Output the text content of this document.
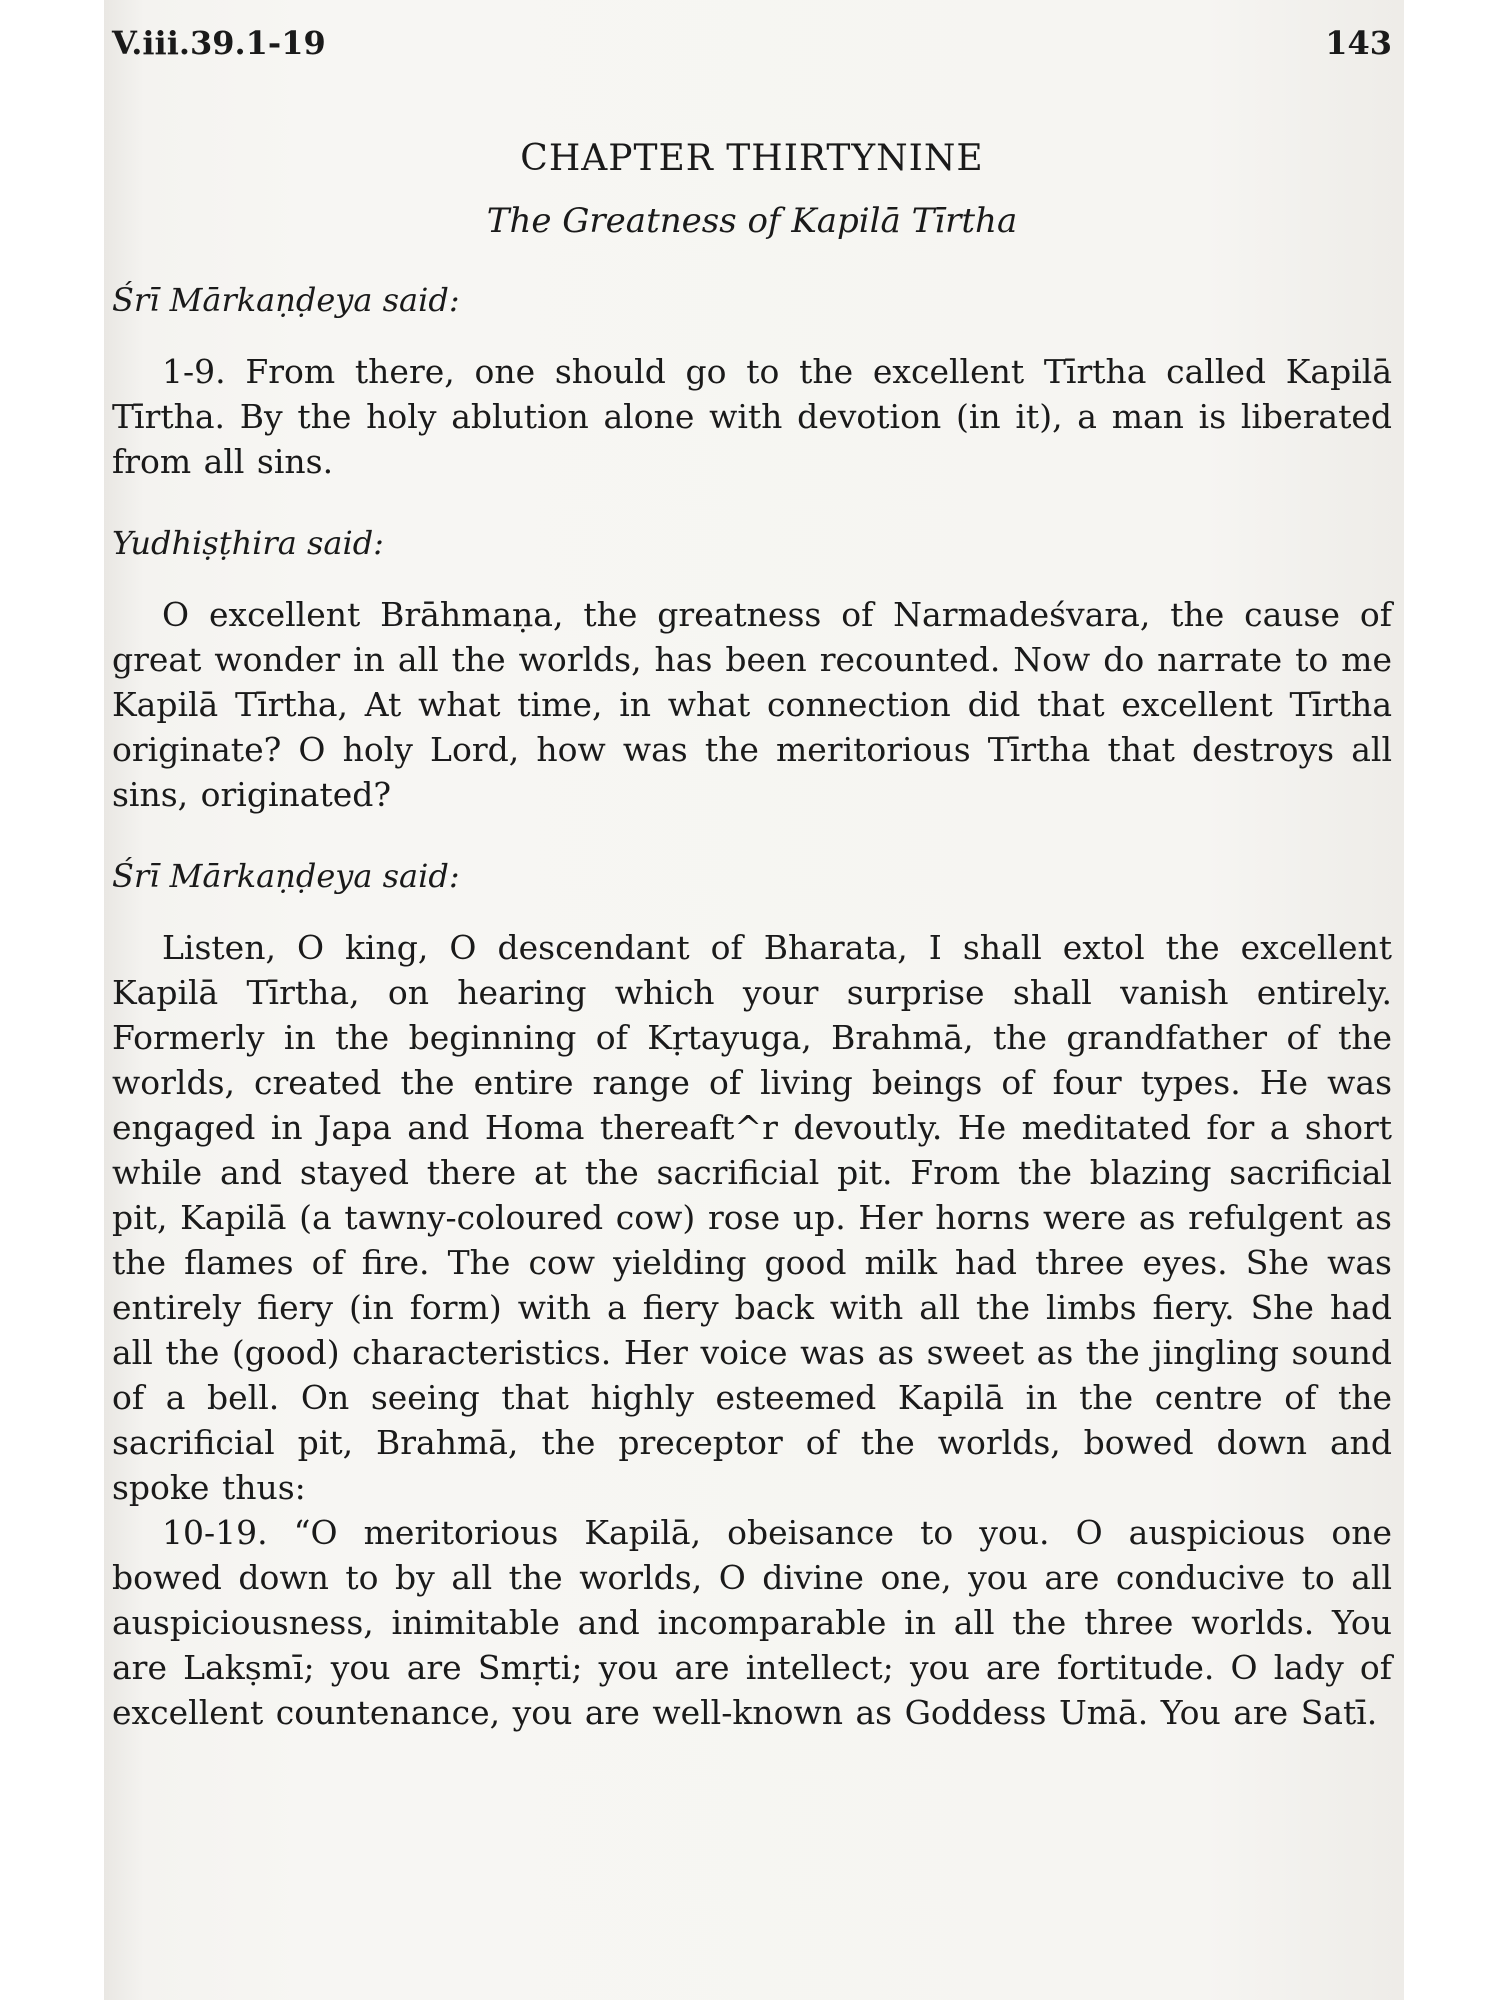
V.iii.39.1-19	143
CHAPTER THIRTYNINE
The Greatness of Kapilā Tīrtha
Śrī Mārkaṇḍeya said:
1-9. From there, one should go to the excellent Tīrtha called Kapilā Tīrtha. By the holy ablution alone with devotion (in it), a man is liberated from all sins.
Yudhiṣṭhira said:
O excellent Brāhmaṇa, the greatness of Narmadeśvara, the cause of great wonder in all the worlds, has been recounted. Now do narrate to me Kapilā Tīrtha, At what time, in what connection did that excellent Tīrtha originate? O holy Lord, how was the meritorious Tīrtha that destroys all sins, originated?
Śrī Mārkaṇḍeya said:
Listen, O king, O descendant of Bharata, I shall extol the excellent Kapilā Tīrtha, on hearing which your surprise shall vanish entirely. Formerly in the beginning of Kṛtayuga, Brahmā, the grandfather of the worlds, created the entire range of living beings of four types. He was engaged in Japa and Homa thereaft^r devoutly. He meditated for a short while and stayed there at the sacrificial pit. From the blazing sacrificial pit, Kapilā (a tawny-coloured cow) rose up. Her horns were as refulgent as the flames of fire. The cow yielding good milk had three eyes. She was entirely fiery (in form) with a fiery back with all the limbs fiery. She had all the (good) characteristics. Her voice was as sweet as the jingling sound of a bell. On seeing that highly esteemed Kapilā in the centre of the sacrificial pit, Brahmā, the preceptor of the worlds, bowed down and spoke thus:
10-19. “O meritorious Kapilā, obeisance to you. O auspicious one bowed down to by all the worlds, O divine one, you are conducive to all auspiciousness, inimitable and incomparable in all the three worlds. You are Lakṣmī; you are Smṛti; you are intellect; you are fortitude. O lady of excellent countenance, you are well-known as Goddess Umā. You are Satī.
